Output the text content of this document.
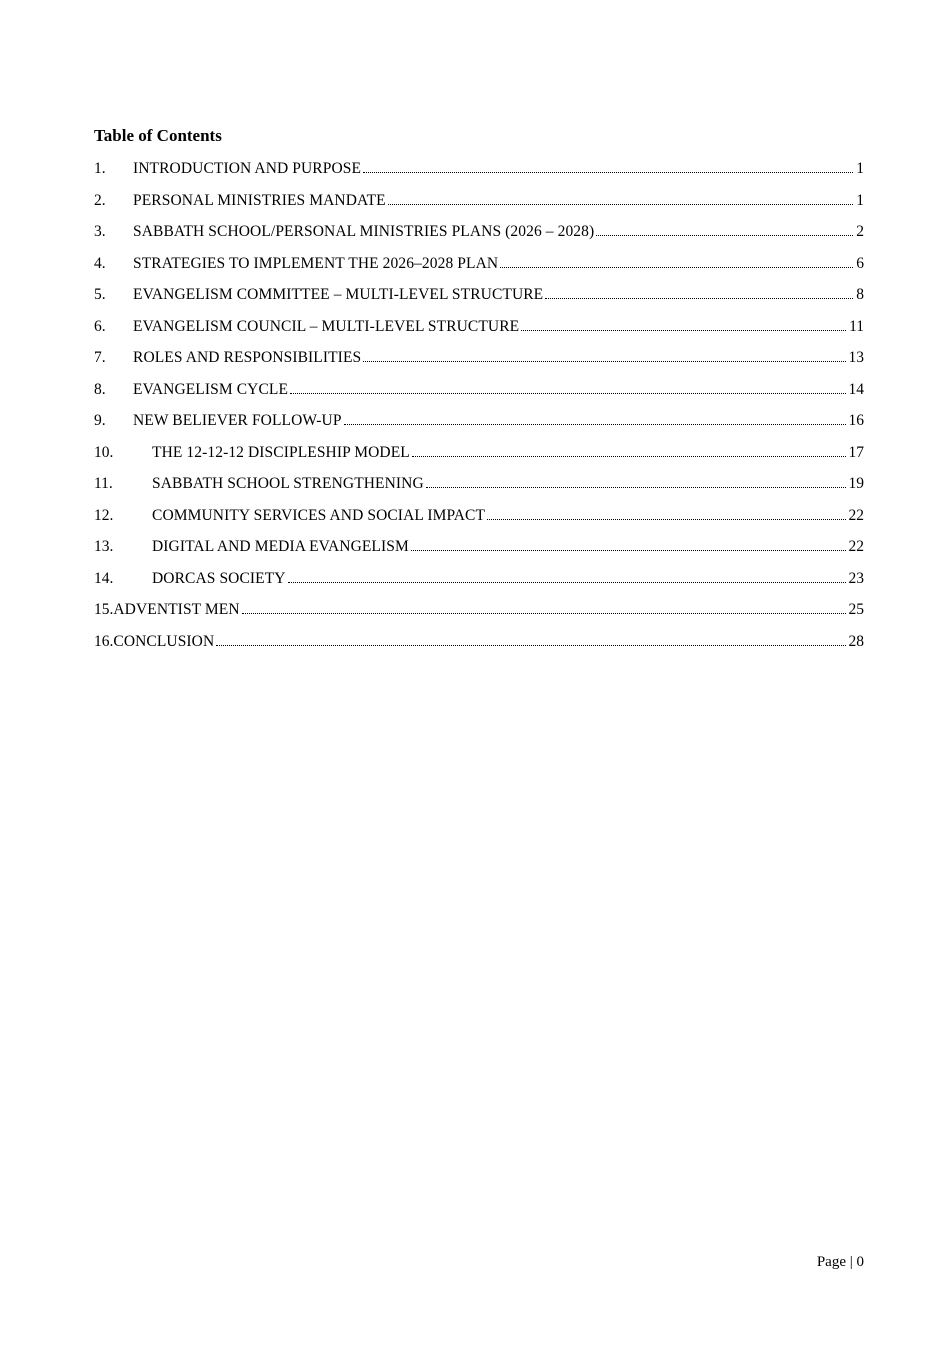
Table of Contents
1.	INTRODUCTION AND PURPOSE	1
2.	PERSONAL MINISTRIES MANDATE	1
3.	SABBATH SCHOOL/PERSONAL MINISTRIES PLANS (2026 – 2028)	2
4.	STRATEGIES TO IMPLEMENT THE 2026–2028 PLAN	6
5.	EVANGELISM COMMITTEE – MULTI-LEVEL STRUCTURE	8
6.	EVANGELISM COUNCIL – MULTI-LEVEL STRUCTURE	11
7.	ROLES AND RESPONSIBILITIES	13
8.	EVANGELISM CYCLE	14
9.	NEW BELIEVER FOLLOW-UP	16
10.	THE 12-12-12 DISCIPLESHIP MODEL	17
11.	SABBATH SCHOOL STRENGTHENING	19
12.	COMMUNITY SERVICES AND SOCIAL IMPACT	22
13.	DIGITAL AND MEDIA EVANGELISM	22
14.	DORCAS SOCIETY	23
15. ADVENTIST MEN	25
16. CONCLUSION	28
Page | 0
